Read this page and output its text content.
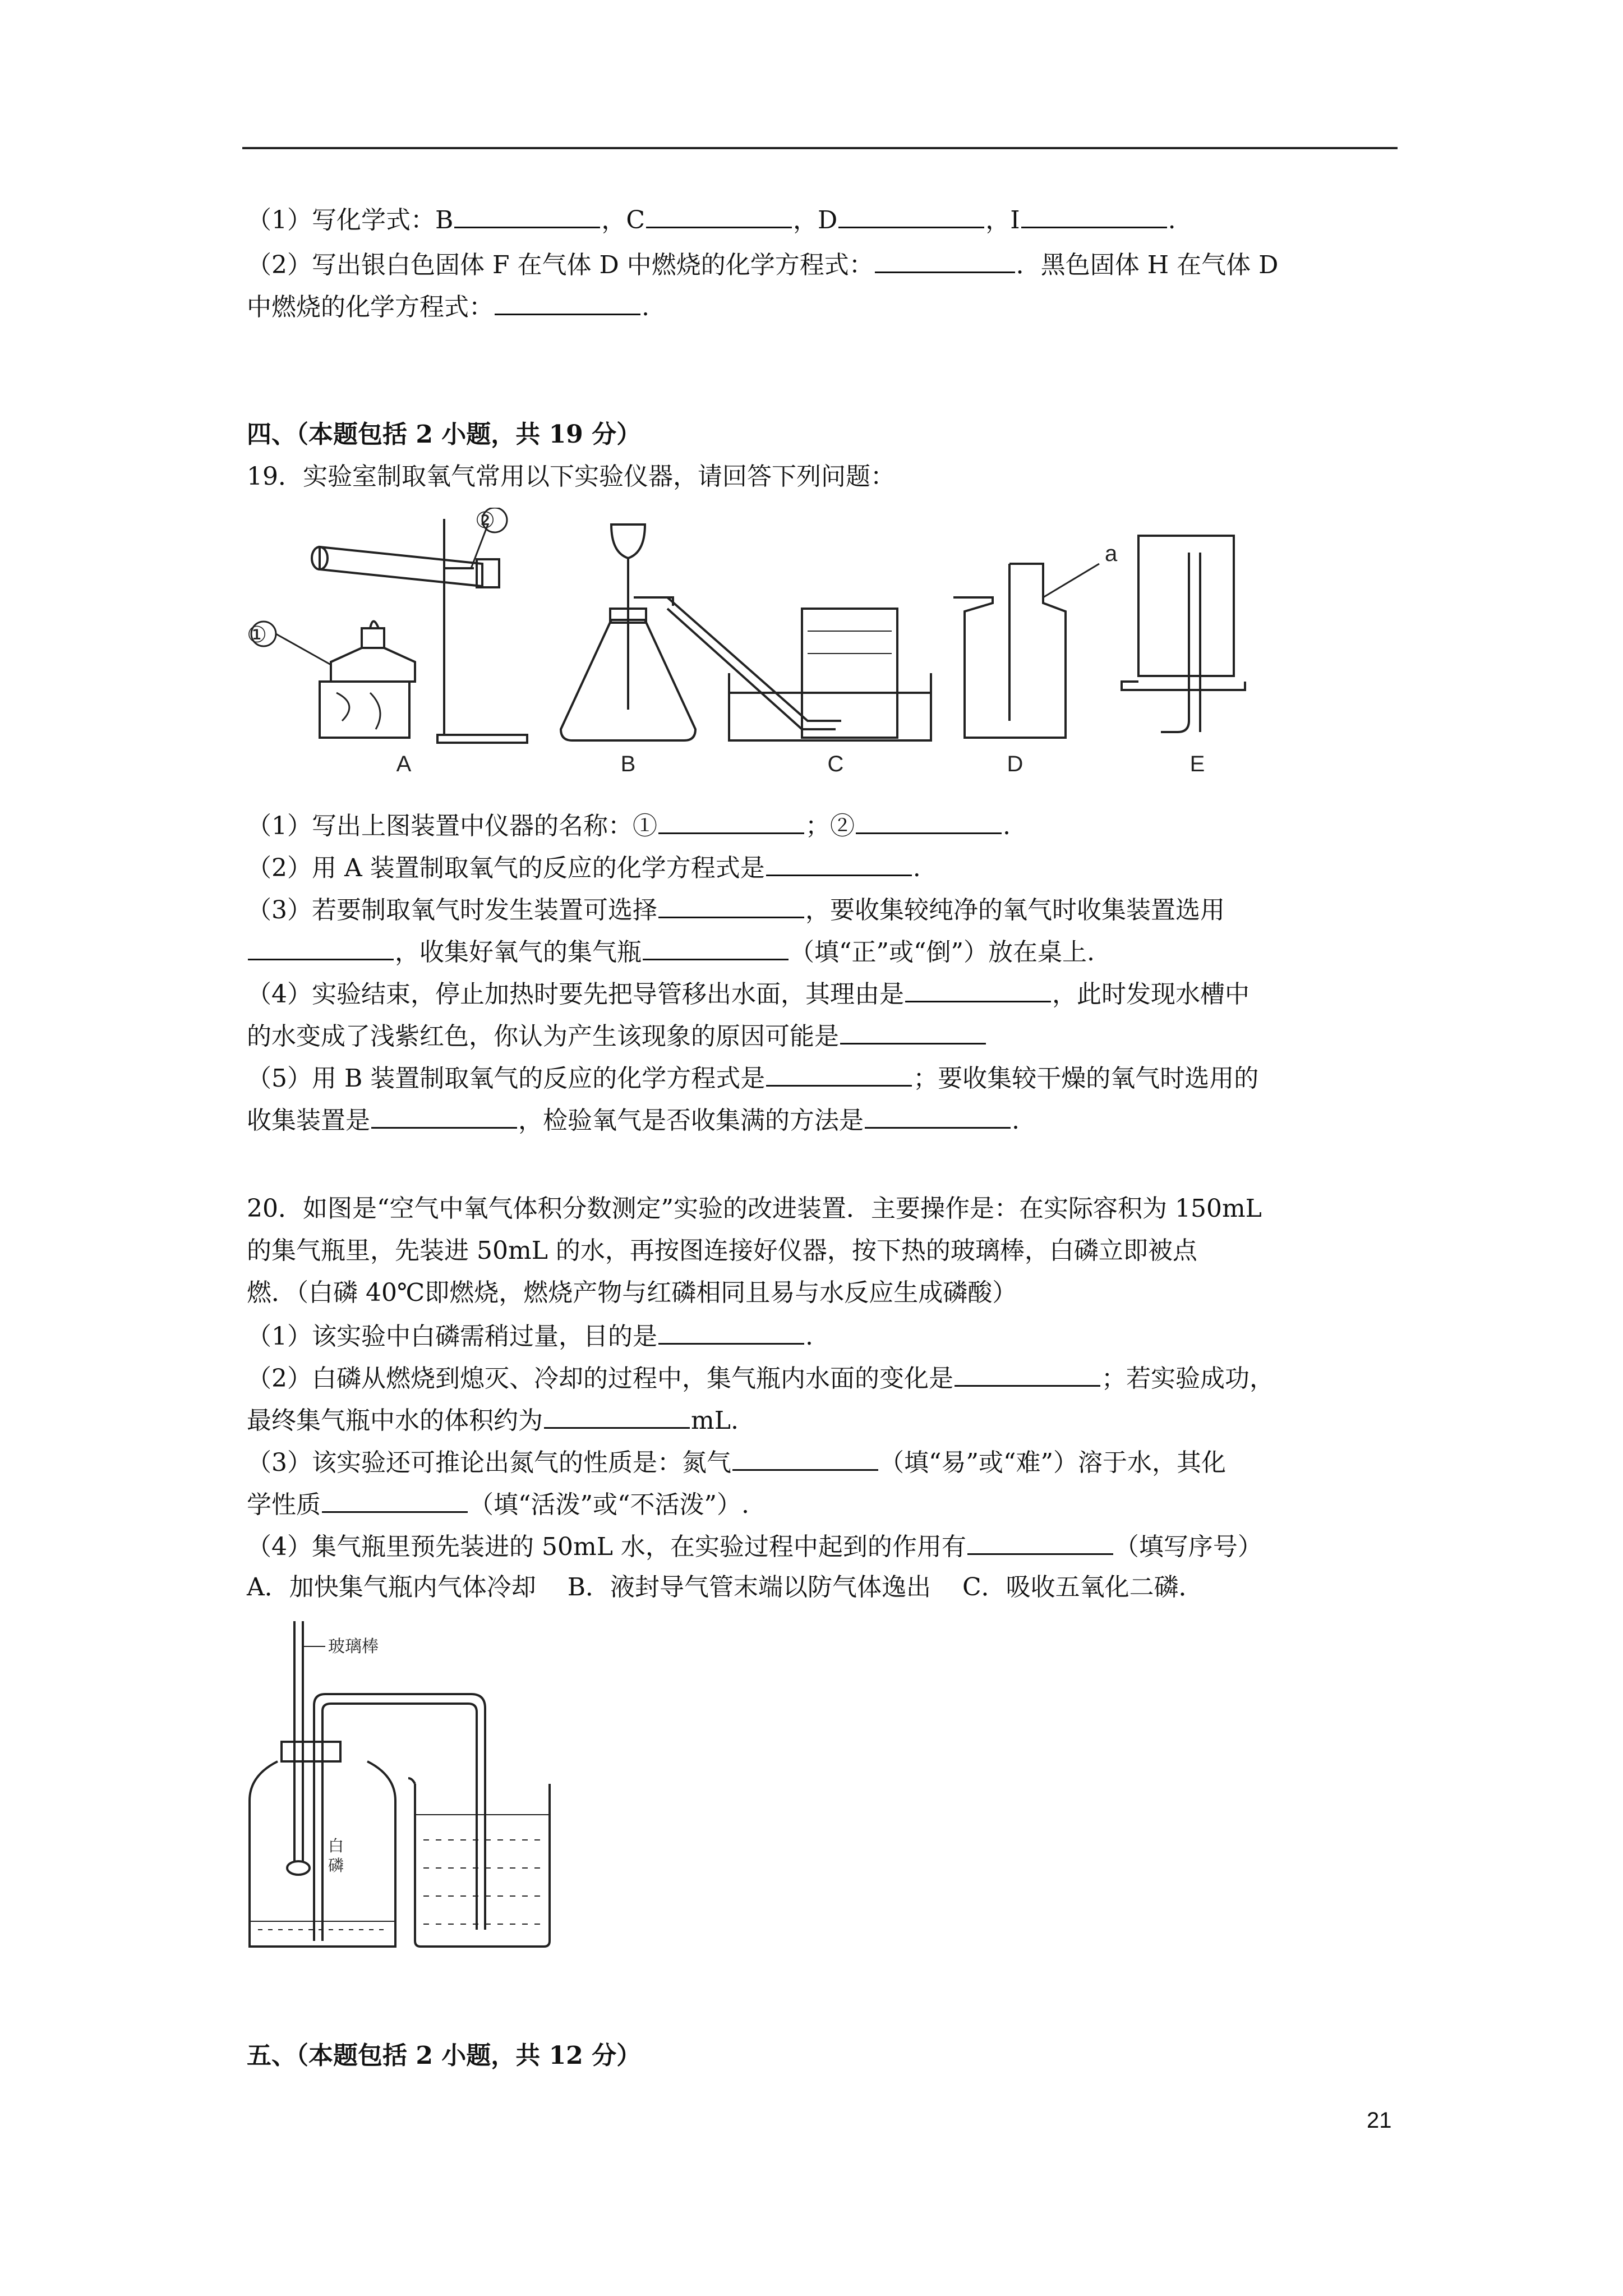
（1）写化学式：B	，C	，D	，I	.
（2）写出银白色固体 F 在气体 D 中燃烧的化学方程式：	．黑色固体 H 在气体 D
中燃烧的化学方程式：	.
四、（本题包括 2 小题，共 19 分）
19．实验室制取氧气常用以下实验仪器，请回答下列问题：
②
①
a
A	B	C	D	E
（1）写出上图装置中仪器的名称：①	；②	.
（2）用 A 装置制取氧气的反应的化学方程式是	.
（3）若要制取氧气时发生装置可选择	，要收集较纯净的氧气时收集装置选用
，收集好氧气的集气瓶	（填“正”或“倒”）放在桌上.
（4）实验结束，停止加热时要先把导管移出水面，其理由是	，此时发现水槽中
的水变成了浅紫红色，你认为产生该现象的原因可能是
（5）用 B 装置制取氧气的反应的化学方程式是	；要收集较干燥的氧气时选用的
收集装置是	，检验氧气是否收集满的方法是	.
20．如图是“空气中氧气体积分数测定”实验的改进装置．主要操作是：在实际容积为 150mL
的集气瓶里，先装进 50mL 的水，再按图连接好仪器，按下热的玻璃棒，白磷立即被点
燃．（白磷 40℃即燃烧，燃烧产物与红磷相同且易与水反应生成磷酸）
（1）该实验中白磷需稍过量，目的是	.
（2）白磷从燃烧到熄灭、冷却的过程中，集气瓶内水面的变化是	；若实验成功，
最终集气瓶中水的体积约为	mL.
（3）该实验还可推论出氮气的性质是：氮气	（填“易”或“难”）溶于水，其化
学性质	（填“活泼”或“不活泼”）.
（4）集气瓶里预先装进的 50mL 水，在实验过程中起到的作用有	（填写序号）
A．加快集气瓶内气体冷却    B．液封导气管末端以防气体逸出    C．吸收五氧化二磷．
玻璃棒
白
磷
五、（本题包括 2 小题，共 12 分）
21
